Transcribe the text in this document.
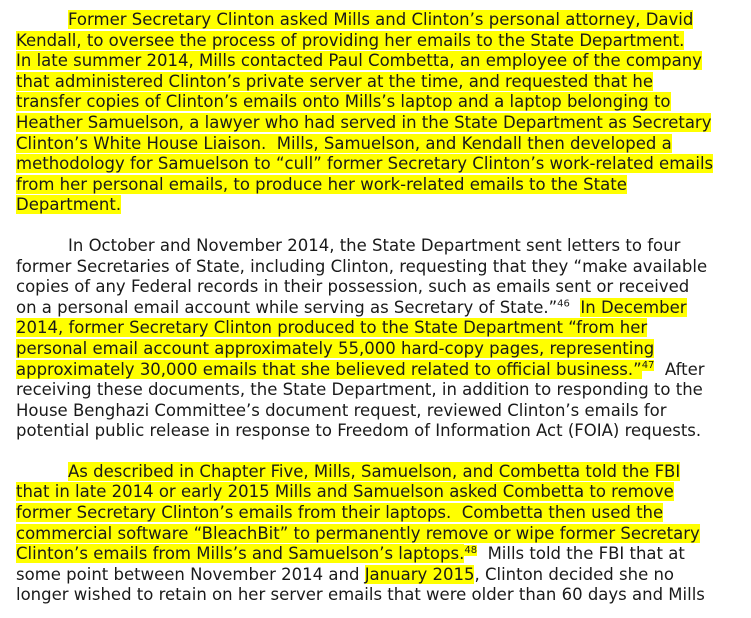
Former Secretary Clinton asked Mills and Clinton’s personal attorney, David
Kendall, to oversee the process of providing her emails to the State Department.
In late summer 2014, Mills contacted Paul Combetta, an employee of the company
that administered Clinton’s private server at the time, and requested that he
transfer copies of Clinton’s emails onto Mills’s laptop and a laptop belonging to
Heather Samuelson, a lawyer who had served in the State Department as Secretary
Clinton’s White House Liaison.  Mills, Samuelson, and Kendall then developed a
methodology for Samuelson to “cull” former Secretary Clinton’s work-related emails
from her personal emails, to produce her work-related emails to the State
Department.
In October and November 2014, the State Department sent letters to four
former Secretaries of State, including Clinton, requesting that they “make available
copies of any Federal records in their possession, such as emails sent or received
on a personal email account while serving as Secretary of State.”$^{46}$ In December
2014, former Secretary Clinton produced to the State Department “from her
personal email account approximately 55,000 hard-copy pages, representing
approximately 30,000 emails that she believed related to official business.”$^{47}$  After
receiving these documents, the State Department, in addition to responding to the
House Benghazi Committee’s document request, reviewed Clinton’s emails for
potential public release in response to Freedom of Information Act (FOIA) requests.
As described in Chapter Five, Mills, Samuelson, and Combetta told the FBI
that in late 2014 or early 2015 Mills and Samuelson asked Combetta to remove
former Secretary Clinton’s emails from their laptops.  Combetta then used the
commercial software “BleachBit” to permanently remove or wipe former Secretary
Clinton’s emails from Mills’s and Samuelson’s laptops.$^{48}$  Mills told the FBI that at
some point between November 2014 and January 2015, Clinton decided she no
longer wished to retain on her server emails that were older than 60 days and Mills
